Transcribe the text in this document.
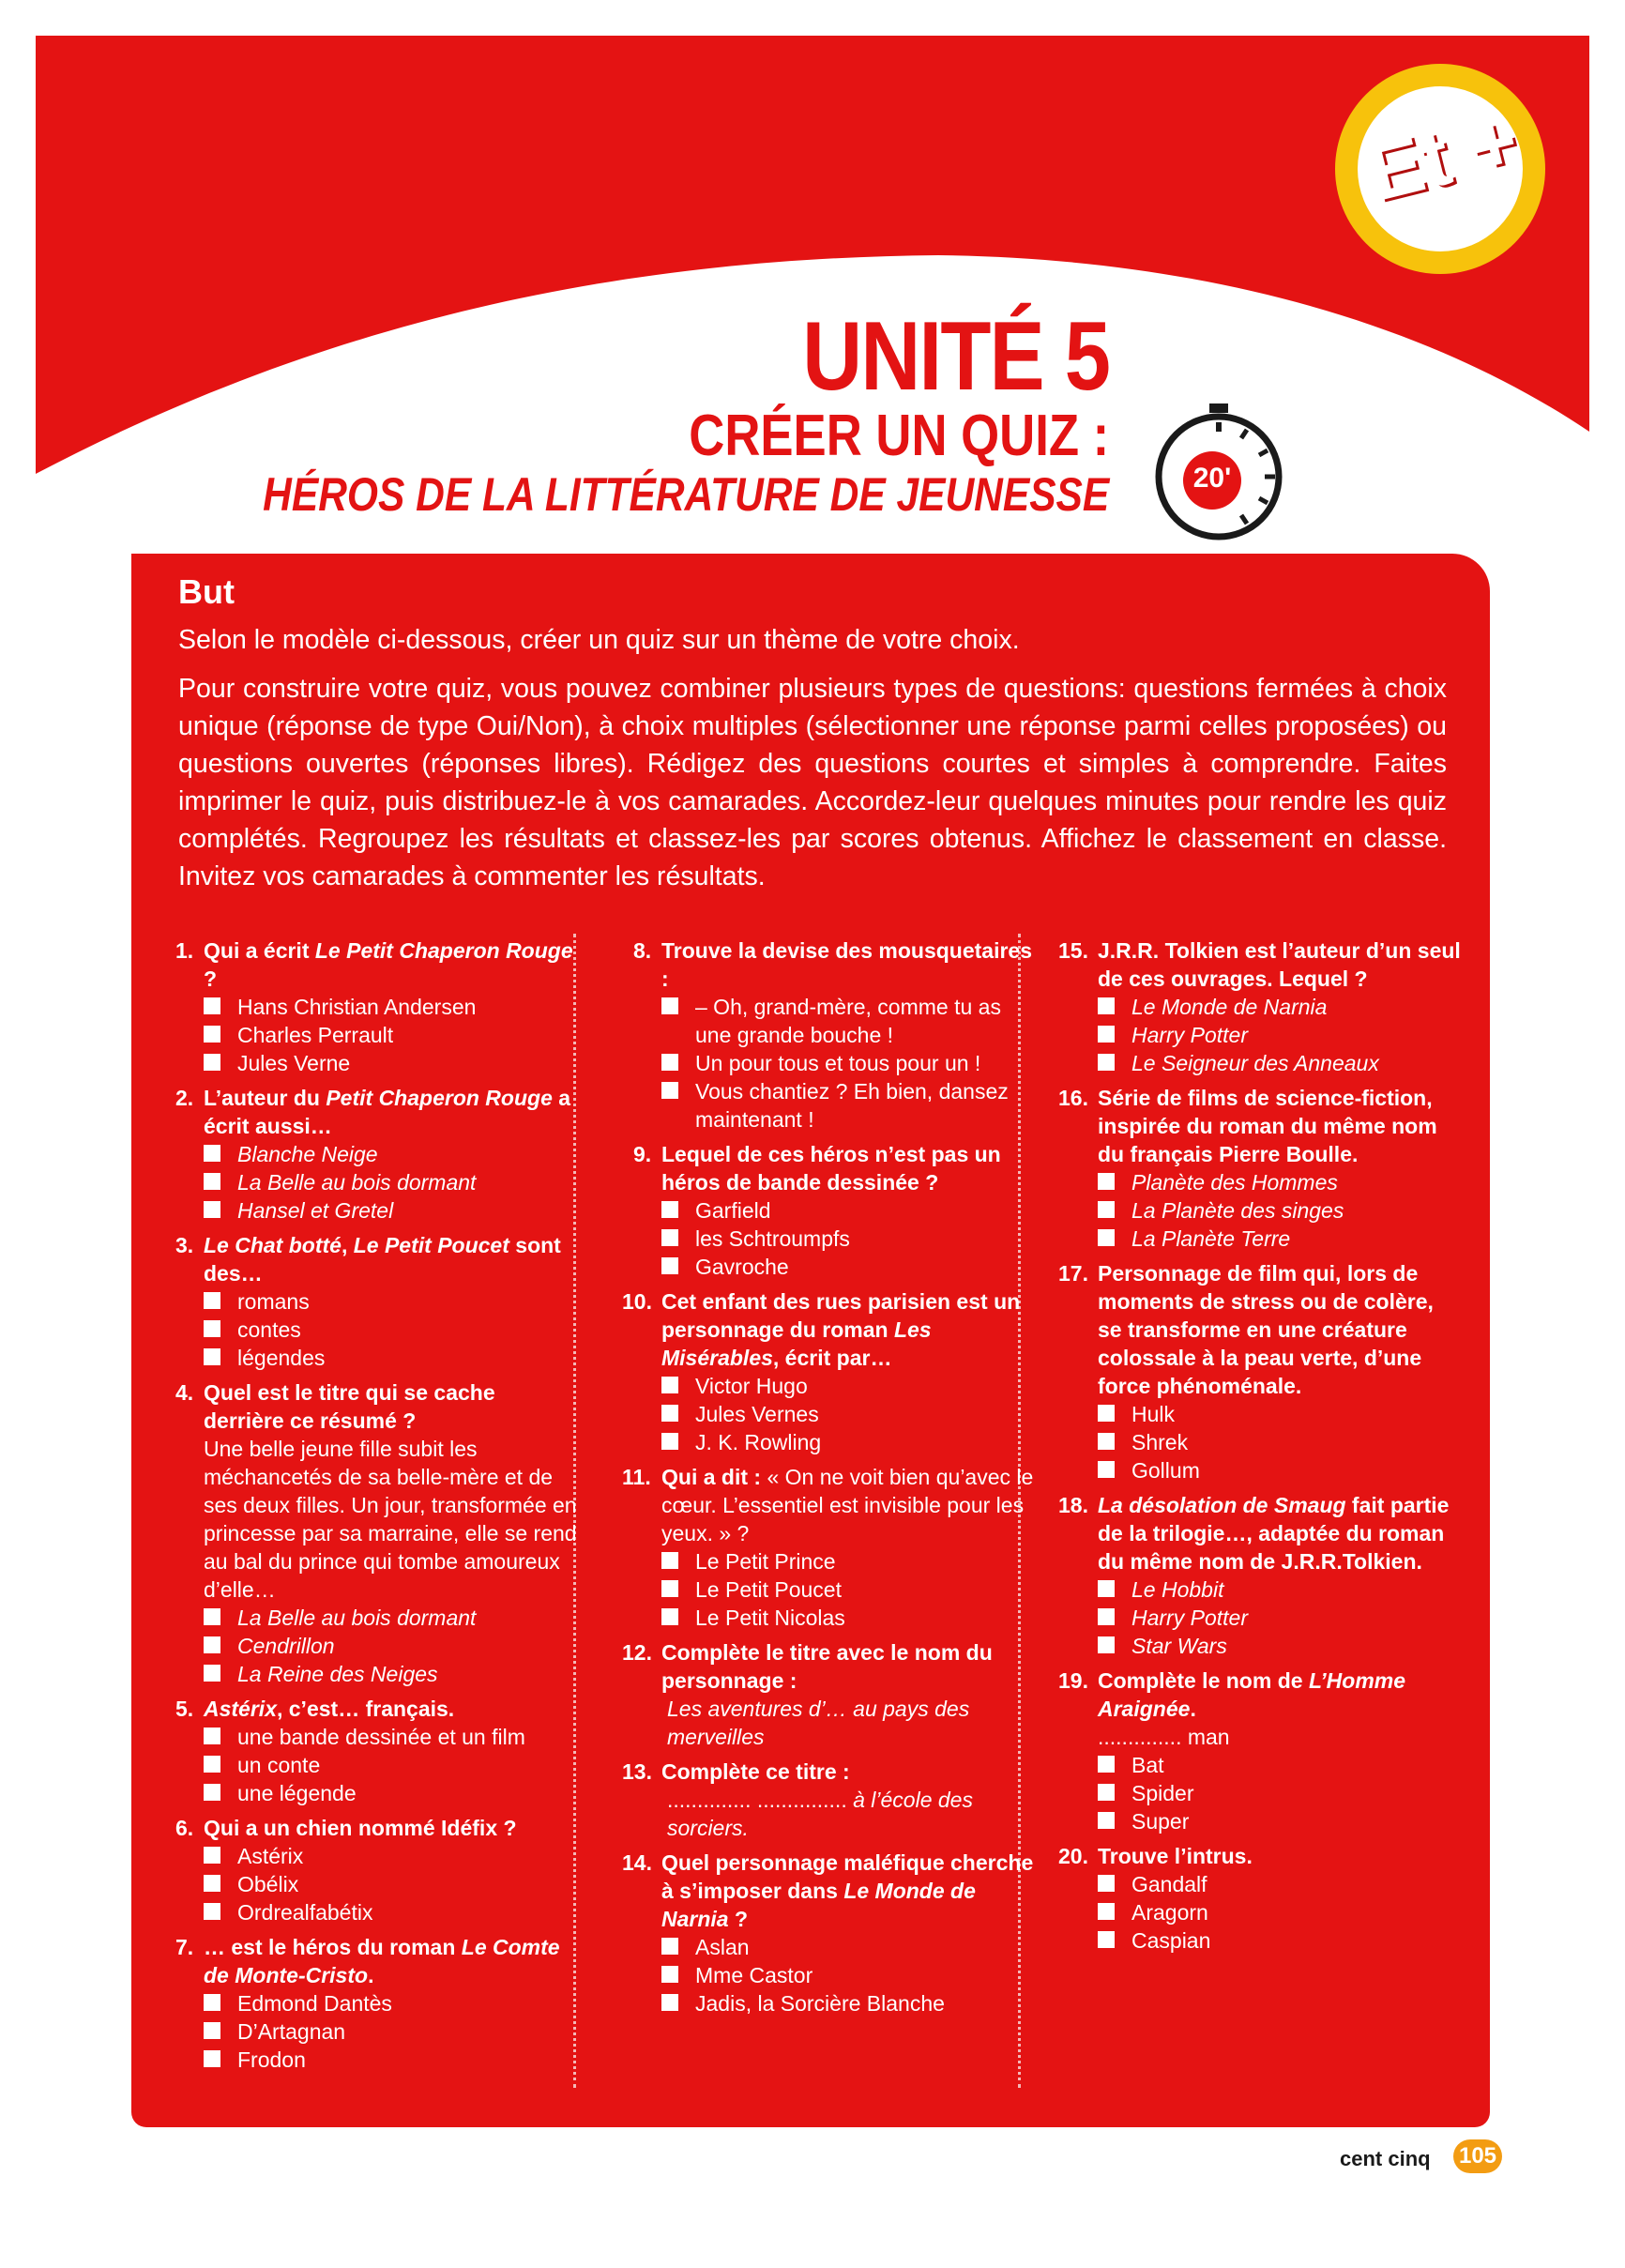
Et +
UNITÉ 5
CRÉER UN QUIZ :
HÉROS DE LA LITTÉRATURE DE JEUNESSE	20'
But

Selon le modèle ci-dessous, créer un quiz sur un thème de votre choix.

Pour construire votre quiz, vous pouvez combiner plusieurs types de questions: questions fermées à choix unique (réponse de type Oui/Non), à choix multiples (sélectionner une réponse parmi celles proposées) ou questions ouvertes (réponses libres). Rédigez des questions courtes et simples à comprendre. Faites imprimer le quiz, puis distribuez-le à vos camarades. Accordez-leur quelques minutes pour rendre les quiz complétés. Regroupez les résultats et classez-les par scores obtenus. Affichez le classement en classe. Invitez vos camarades à commenter les résultats.

1. Qui a écrit Le Petit Chaperon Rouge ?
Hans Christian Andersen
Charles Perrault
Jules Verne
2. L’auteur du Petit Chaperon Rouge a écrit aussi…
Blanche Neige
La Belle au bois dormant
Hansel et Gretel
3. Le Chat botté, Le Petit Poucet sont des…
romans
contes
légendes
4. Quel est le titre qui se cache derrière ce résumé ?
Une belle jeune fille subit les méchancetés de sa belle-mère et de ses deux filles. Un jour, transformée en princesse par sa marraine, elle se rend au bal du prince qui tombe amoureux d’elle…
La Belle au bois dormant
Cendrillon
La Reine des Neiges
5. Astérix, c’est… français.
une bande dessinée et un film
un conte
une légende
6. Qui a un chien nommé Idéfix ?
Astérix
Obélix
Ordrealfabétix
7. … est le héros du roman Le Comte de Monte-Cristo.
Edmond Dantès
D’Artagnan
Frodon
8. Trouve la devise des mousquetaires :
– Oh, grand-mère, comme tu as une grande bouche !
Un pour tous et tous pour un !
Vous chantiez ? Eh bien, dansez maintenant !
9. Lequel de ces héros n’est pas un héros de bande dessinée ?
Garfield
les Schtroumpfs
Gavroche
10. Cet enfant des rues parisien est un personnage du roman Les Misérables, écrit par…
Victor Hugo
Jules Vernes
J. K. Rowling
11. Qui a dit : « On ne voit bien qu’avec le cœur. L’essentiel est invisible pour les yeux. » ?
Le Petit Prince
Le Petit Poucet
Le Petit Nicolas
12. Complète le titre avec le nom du personnage :
Les aventures d’… au pays des merveilles
13. Complète ce titre :
.............. ............... à l’école des sorciers.
14. Quel personnage maléfique cherche à s’imposer dans Le Monde de Narnia ?
Aslan
Mme Castor
Jadis, la Sorcière Blanche
15. J.R.R. Tolkien est l’auteur d’un seul de ces ouvrages. Lequel ?
Le Monde de Narnia
Harry Potter
Le Seigneur des Anneaux
16. Série de films de science-fiction, inspirée du roman du même nom du français Pierre Boulle.
Planète des Hommes
La Planète des singes
La Planète Terre
17. Personnage de film qui, lors de moments de stress ou de colère, se transforme en une créature colossale à la peau verte, d’une force phénoménale.
Hulk
Shrek
Gollum
18. La désolation de Smaug fait partie de la trilogie…, adaptée du roman du même nom de J.R.R.Tolkien.
Le Hobbit
Harry Potter
Star Wars
19. Complète le nom de L’Homme Araignée.
.............. man
Bat
Spider
Super
20. Trouve l’intrus.
Gandalf
Aragorn
Caspian
cent cinq 105
